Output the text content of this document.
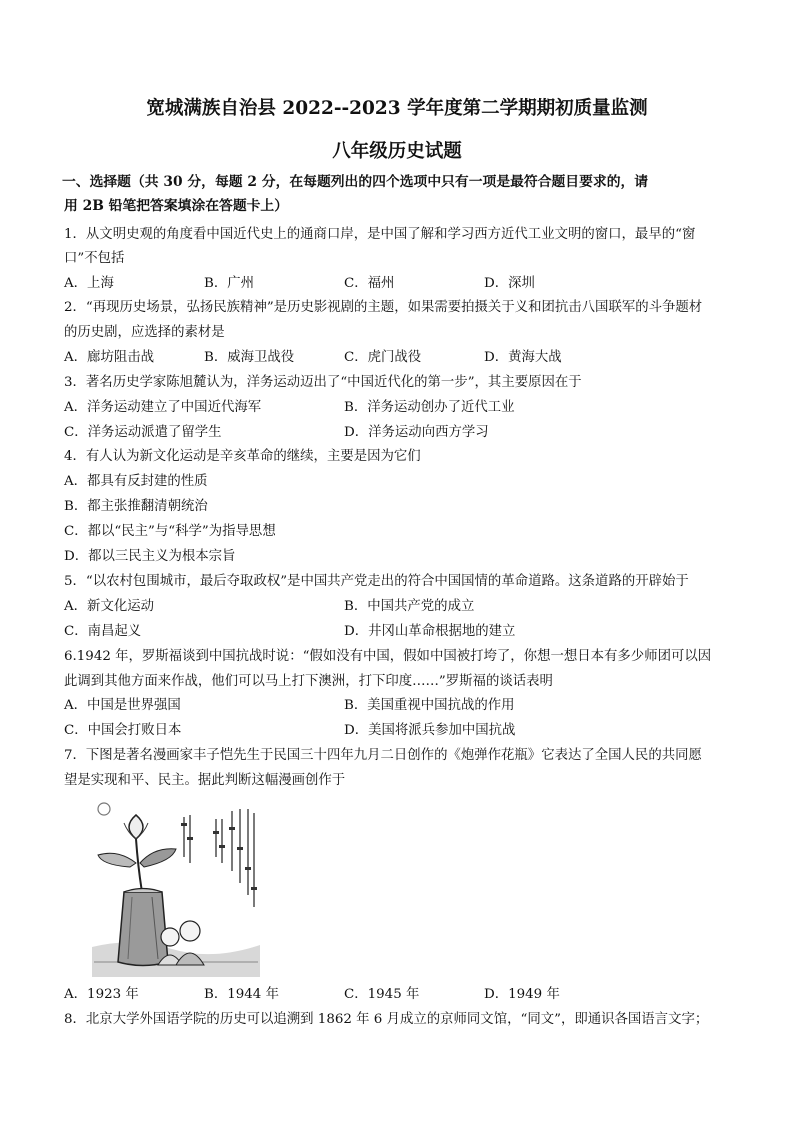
宽城满族自治县 2022--2023 学年度第二学期期初质量监测
八年级历史试题
一、选择题（共 30 分，每题 2 分，在每题列出的四个选项中只有一项是最符合题目要求的，请
用 2B 铅笔把答案填涂在答题卡上）
1．从文明史观的角度看中国近代史上的通商口岸，是中国了解和学习西方近代工业文明的窗口，最早的“窗
口”不包括
A．上海	B．广州	C．福州	D．深圳
2．“再现历史场景，弘扬民族精神”是历史影视剧的主题，如果需要拍摄关于义和团抗击八国联军的斗争题材
的历史剧，应选择的素材是
A．廊坊阻击战	B．威海卫战役	C．虎门战役	D．黄海大战
3．著名历史学家陈旭麓认为，洋务运动迈出了“中国近代化的第一步”，其主要原因在于
A．洋务运动建立了中国近代海军	B．洋务运动创办了近代工业
C．洋务运动派遣了留学生	D．洋务运动向西方学习
4．有人认为新文化运动是辛亥革命的继续，主要是因为它们
A．都具有反封建的性质
B．都主张推翻清朝统治
C．都以“民主”与“科学”为指导思想
D．都以三民主义为根本宗旨
5．“以农村包围城市，最后夺取政权”是中国共产党走出的符合中国国情的革命道路。这条道路的开辟始于
A．新文化运动	B．中国共产党的成立
C．南昌起义	D．井冈山革命根据地的建立
6.1942 年，罗斯福谈到中国抗战时说：“假如没有中国，假如中国被打垮了，你想一想日本有多少师团可以因
此调到其他方面来作战，他们可以马上打下澳洲，打下印度……”罗斯福的谈话表明
A．中国是世界强国	B．美国重视中国抗战的作用
C．中国会打败日本	D．美国将派兵参加中国抗战
7．下图是著名漫画家丰子恺先生于民国三十四年九月二日创作的《炮弹作花瓶》它表达了全国人民的共同愿
望是实现和平、民主。据此判断这幅漫画创作于
A．1923 年	B．1944 年	C．1945 年	D．1949 年
8．北京大学外国语学院的历史可以追溯到 1862 年 6 月成立的京师同文馆，“同文”，即通识各国语言文字；
